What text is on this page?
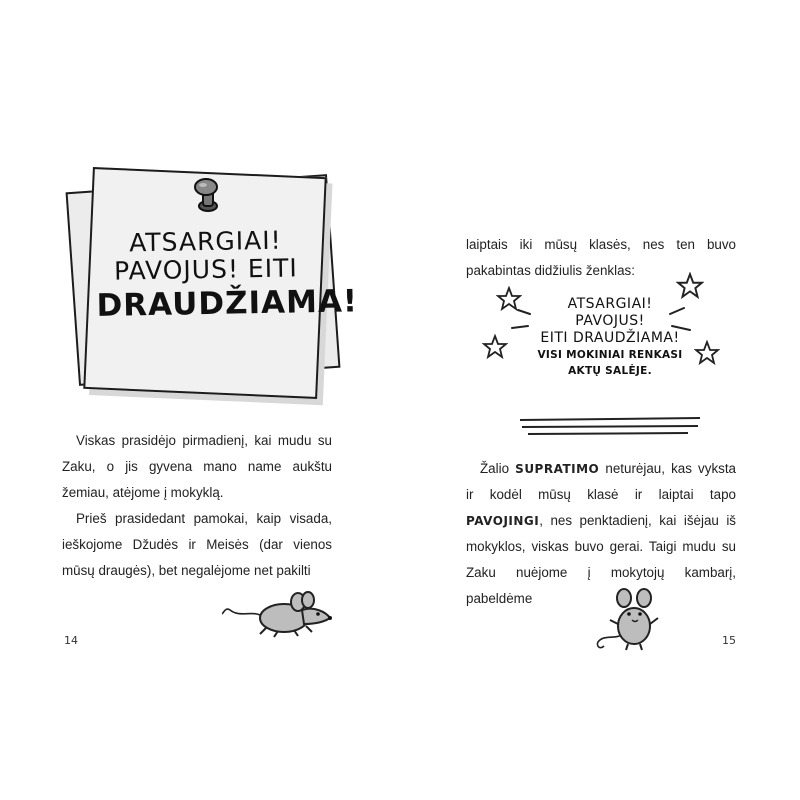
ATSARGIAI!
PAVOJUS! EITI
DRAUDŽIAMA!

Viskas prasidėjo pirmadienį, kai mudu su Zaku, o jis gyvena mano name aukštu žemiau, atėjome į mokyklą.

Prieš prasidedant pamokai, kaip visada, ieškojome Džudės ir Meisės (dar vienos mūsų draugės), bet negalėjome net pakilti

14

laiptais iki mūsų klasės, nes ten buvo pakabintas didžiulis ženklas:

ATSARGIAI!
PAVOJUS!
EITI DRAUDŽIAMA!
VISI MOKINIAI RENKASI
AKTŲ SALĖJE.

Žalio SUPRATIMO neturėjau, kas vyksta ir kodėl mūsų klasė ir laiptai tapo PAVOJINGI, nes penktadienį, kai išėjau iš mokyklos, viskas buvo gerai. Taigi mudu su Zaku nuėjome į mokytojų kambarį, pabeldėme

15
